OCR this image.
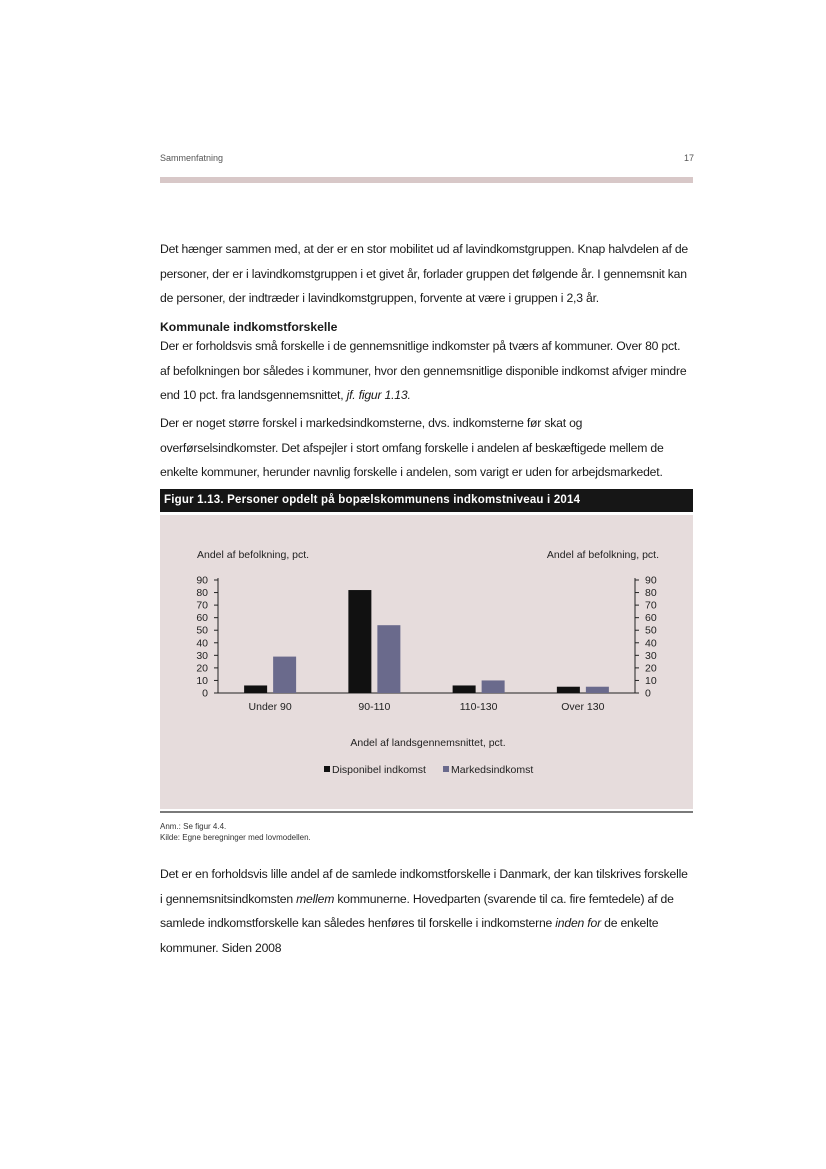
Sammenfatning	17

Det hænger sammen med, at der er en stor mobilitet ud af lavindkomstgruppen. Knap halvdelen af de personer, der er i lavindkomstgruppen i et givet år, forlader gruppen det følgende år. I gennemsnit kan de personer, der indtræder i lavindkomstgruppen, forvente at være i gruppen i 2,3 år.

Kommunale indkomstforskelle

Der er forholdsvis små forskelle i de gennemsnitlige indkomster på tværs af kommuner. Over 80 pct. af befolkningen bor således i kommuner, hvor den gennemsnitlige disponible indkomst afviger mindre end 10 pct. fra landsgennemsnittet, jf. figur 1.13.

Der er noget større forskel i markedsindkomsterne, dvs. indkomsterne før skat og overførselsindkomster. Det afspejler i stort omfang forskelle i andelen af beskæftigede mellem de enkelte kommuner, herunder navnlig forskelle i andelen, som varigt er uden for arbejdsmarkedet.

Figur 1.13. Personer opdelt på bopælskommunens indkomstniveau i 2014
Andel af befolkning, pct.	Andel af befolkning, pct.
0	0
10	10
20	20
30	30
40	40
50	50
60	60
70	70
80	80
90	90
Under 90	90-110	110-130	Over 130
Andel af landsgennemsnittet, pct.
Disponibel indkomst Markedsindkomst
Anm.: Se figur 4.4.
Kilde: Egne beregninger med lovmodellen.

Det er en forholdsvis lille andel af de samlede indkomstforskelle i Danmark, der kan tilskrives forskelle i gennemsnitsindkomsten mellem kommunerne. Hovedparten (svarende til ca. fire femtedele) af de samlede indkomstforskelle kan således henføres til forskelle i indkomsterne inden for de enkelte kommuner. Siden 2008
